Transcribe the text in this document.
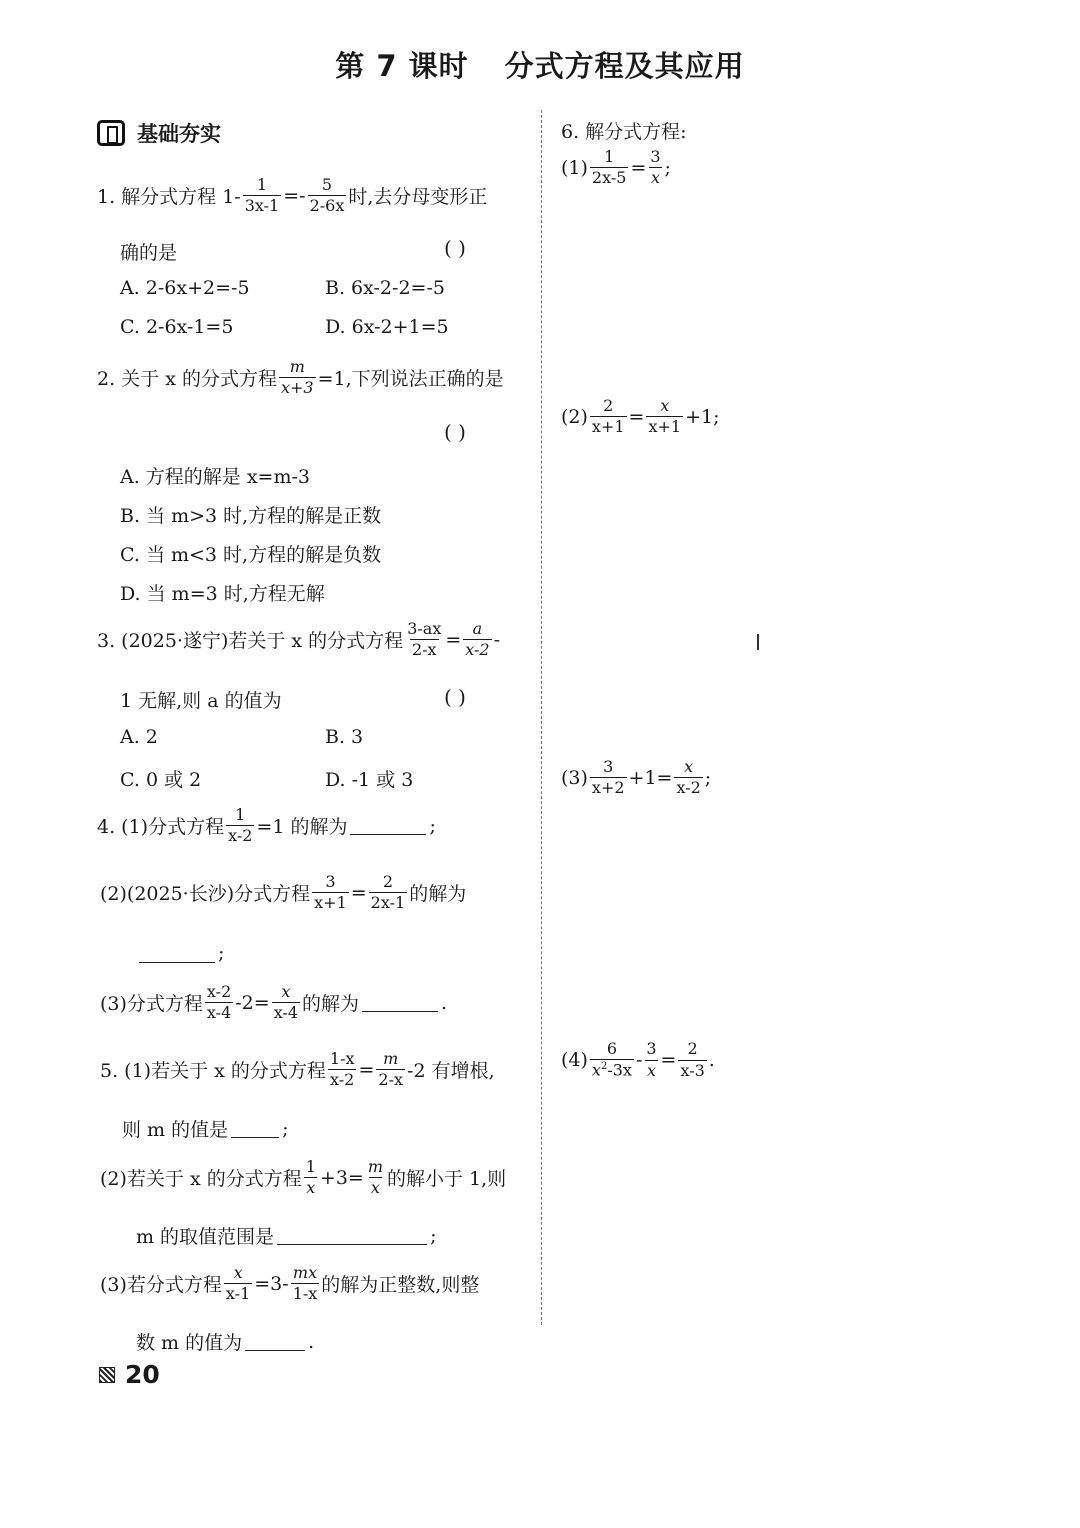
第 7 课时 分式方程及其应用
基础夯实
1. 解分式方程 $1- \frac{1}{3x-1} =- \frac{5}{2-6x}$ 时,去分母变形正
确的是	( )
A. 2-6x+2=-5	B. 6x-2-2=-5
C. 2-6x-1=5	D. 6x-2+1=5
2. 关于 x 的分式方程 $\frac{m}{x+3} =1$,下列说法正确的是
( )
A. 方程的解是 x=m-3
B. 当 m>3 时,方程的解是正数
C. 当 m<3 时,方程的解是负数
D. 当 m=3 时,方程无解
3. (2025·遂宁)若关于 x 的分式方程 $\frac{3-ax}{2-x} = \frac{a}{x-2}$ -
1 无解,则 a 的值为	( )
A. 2	B. 3
C. 0 或 2	D. -1 或 3
4. (1)分式方程 $\frac{1}{x-2} =1$ 的解为	;
(2)(2025·长沙)分式方程 $\frac{3}{x+1} = \frac{2}{2x-1}$ 的解为
;
(3)分式方程 $\frac{x-2}{x-4} -2= \frac{x}{x-4}$ 的解为	.
5. (1)若关于 x 的分式方程 $\frac{1-x}{x-2} = \frac{m}{2-x} -2$ 有增根,
则 m 的值是	;
(2)若关于 x 的分式方程 $\frac{1}{x} +3= \frac{m}{x}$ 的解小于 1,则
m 的取值范围是	;
(3)若分式方程 $\frac{x}{x-1} =3- \frac{mx}{1-x}$ 的解为正整数,则整
数 m 的值为	.
20
6. 解分式方程:
$(1) \frac{1}{2x-5} = \frac{3}{x}$ ;
$(2) \frac{2}{x+1} = \frac{x}{x+1} +1$;
$(3) \frac{3}{x+2} +1= \frac{x}{x-2}$ ;
$(4) \frac{6}{x^2-3x} - \frac{3}{x} = \frac{2}{x-3}$ .
